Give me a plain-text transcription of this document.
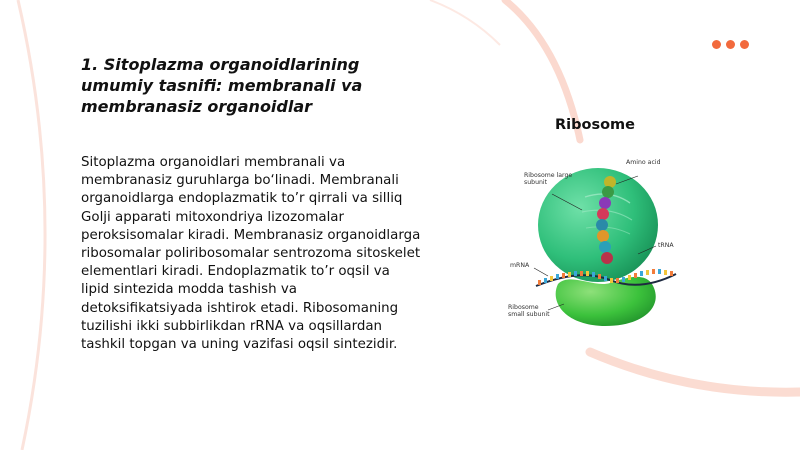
1. Sitoplazma organoidlarining umumiy tasnifi: membranali va membranasiz organoidlar

Sitoplazma organoidlari membranali va membranasiz guruhlarga bo‘linadi. Membranali organoidlarga endoplazmatik to’r qirrali va silliq Golji apparati mitoxondriya lizozomalar peroksisomalar kiradi. Membranasiz organoidlarga ribosomalar poliribosomalar sentrozoma sitoskelet elementlari kiradi. Endoplazmatik to’r oqsil va lipid sintezida modda tashish va detoksifikatsiyada ishtirok etadi. Ribosomaning tuzilishi ikki subbirlikdan rRNA va oqsillardan tashkil topgan va uning vazifasi oqsil sintezidir.

Ribosome
Amino acid
Ribosome large subunit
tRNA
mRNA
Ribosome small subunit
